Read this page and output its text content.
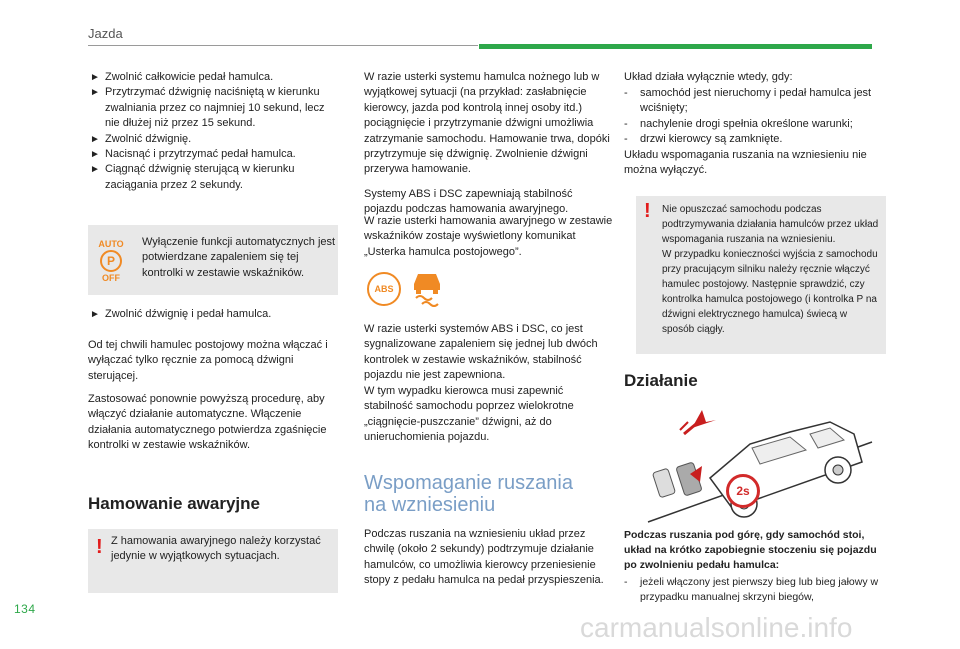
Jazda
► Zwolnić całkowicie pedał hamulca.
► Przytrzymać dźwignię naciśniętą w kierunku zwalniania przez co najmniej 10 sekund, lecz nie dłużej niż przez 15 sekund.
► Zwolnić dźwignię.
► Nacisnąć i przytrzymać pedał hamulca.
► Ciągnąć dźwignię sterującą w kierunku zaciągania przez 2 sekundy.
AUTO
P
OFF
Wyłączenie funkcji automatycznych jest potwierdzane zapaleniem się tej kontrolki w zestawie wskaźników.
► Zwolnić dźwignię i pedał hamulca.

Od tej chwili hamulec postojowy można włączać i wyłączać tylko ręcznie za pomocą dźwigni sterującej.

Zastosować ponownie powyższą procedurę, aby włączyć działanie automatyczne. Włączenie działania automatycznego potwierdza zgaśnięcie kontrolki w zestawie wskaźników.

Hamowanie awaryjne
! Z hamowania awaryjnego należy korzystać jedynie w wyjątkowych sytuacjach.

W razie usterki systemu hamulca nożnego lub w wyjątkowej sytuacji (na przykład: zasłabnięcie kierowcy, jazda pod kontrolą innej osoby itd.) pociągnięcie i przytrzymanie dźwigni umożliwia zatrzymanie samochodu. Hamowanie trwa, dopóki przytrzymuje się dźwignię. Zwolnienie dźwigni przerywa hamowanie.

Systemy ABS i DSC zapewniają stabilność pojazdu podczas hamowania awaryjnego.

W razie usterki hamowania awaryjnego w zestawie wskaźników zostaje wyświetlony komunikat „Usterka hamulca postojowego”.

ABS

W razie usterki systemów ABS i DSC, co jest sygnalizowane zapaleniem się jednej lub dwóch kontrolek w zestawie wskaźników, stabilność pojazdu nie jest zapewniona.

W tym wypadku kierowca musi zapewnić stabilność samochodu poprzez wielokrotne „ciągnięcie-puszczanie” dźwigni, aż do unieruchomienia pojazdu.

Wspomaganie ruszania
na wzniesieniu

Podczas ruszania na wzniesieniu układ przez chwilę (około 2 sekundy) podtrzymuje działanie hamulców, co umożliwia kierowcy przeniesienie stopy z pedału hamulca na pedał przyspieszenia.

Układ działa wyłącznie wtedy, gdy:

- samochód jest nieruchomy i pedał hamulca jest wciśnięty;
- nachylenie drogi spełnia określone warunki;
- drzwi kierowcy są zamknięte.

Układu wspomagania ruszania na wzniesieniu nie można wyłączyć.

! Nie opuszczać samochodu podczas podtrzymywania działania hamulców przez układ wspomagania ruszania na wzniesieniu.

W przypadku konieczności wyjścia z samochodu przy pracującym silniku należy ręcznie włączyć hamulec postojowy. Następnie sprawdzić, czy kontrolka hamulca postojowego (i kontrolka P na dźwigni elektrycznego hamulca) świecą w sposób ciągły.

Działanie
2s

Podczas ruszania pod górę, gdy samochód stoi, układ na krótko zapobiegnie stoczeniu się pojazdu po zwolnieniu pedału hamulca:

- jeżeli włączony jest pierwszy bieg lub bieg jałowy w przypadku manualnej skrzyni biegów,
134
carmanualsonline.info
